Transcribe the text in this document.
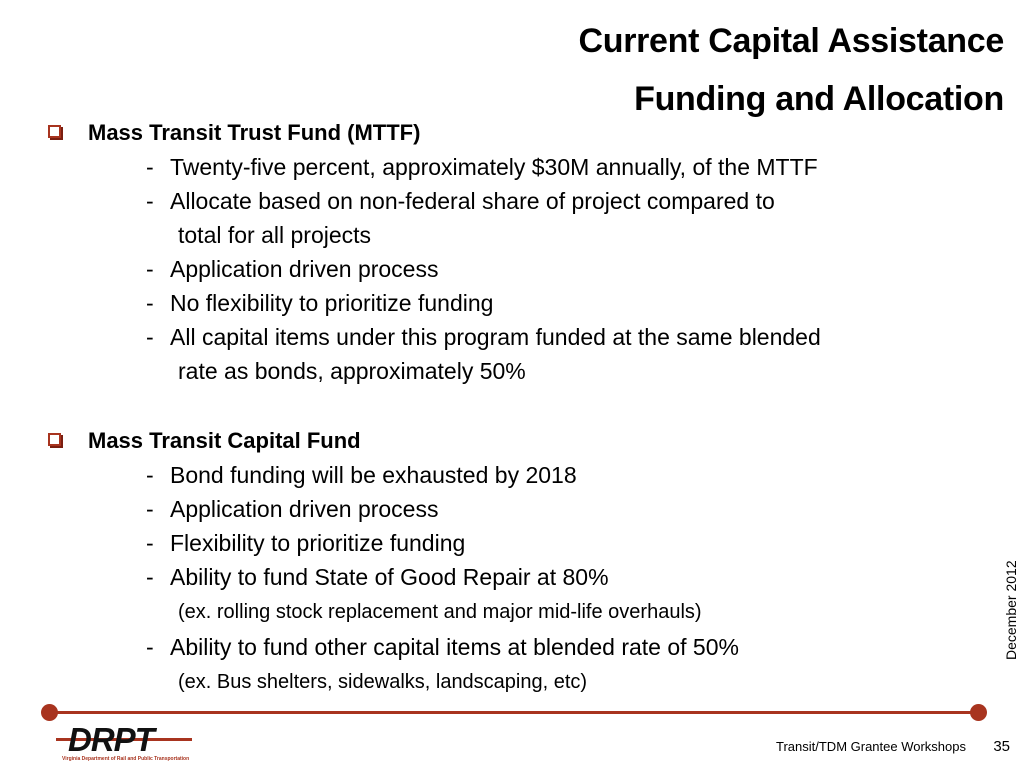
Current Capital Assistance
Funding and Allocation
Mass Transit Trust Fund (MTTF)
- Twenty-five percent, approximately $30M annually, of the MTTF
- Allocate based on non-federal share of project compared to
total for all projects
- Application driven process
- No flexibility to prioritize funding
- All capital items under this program funded at the same blended
rate as bonds, approximately 50%
Mass Transit Capital Fund
- Bond funding will be exhausted by 2018
- Application driven process
- Flexibility to prioritize funding
- Ability to fund State of Good Repair at 80%
(ex. rolling stock replacement and major mid-life overhauls)
- Ability to fund other capital items at blended rate of 50%
(ex. Bus shelters, sidewalks, landscaping, etc)
December 2012
DRPT
Virginia Department of Rail and Public Transportation
Transit/TDM Grantee Workshops 35
